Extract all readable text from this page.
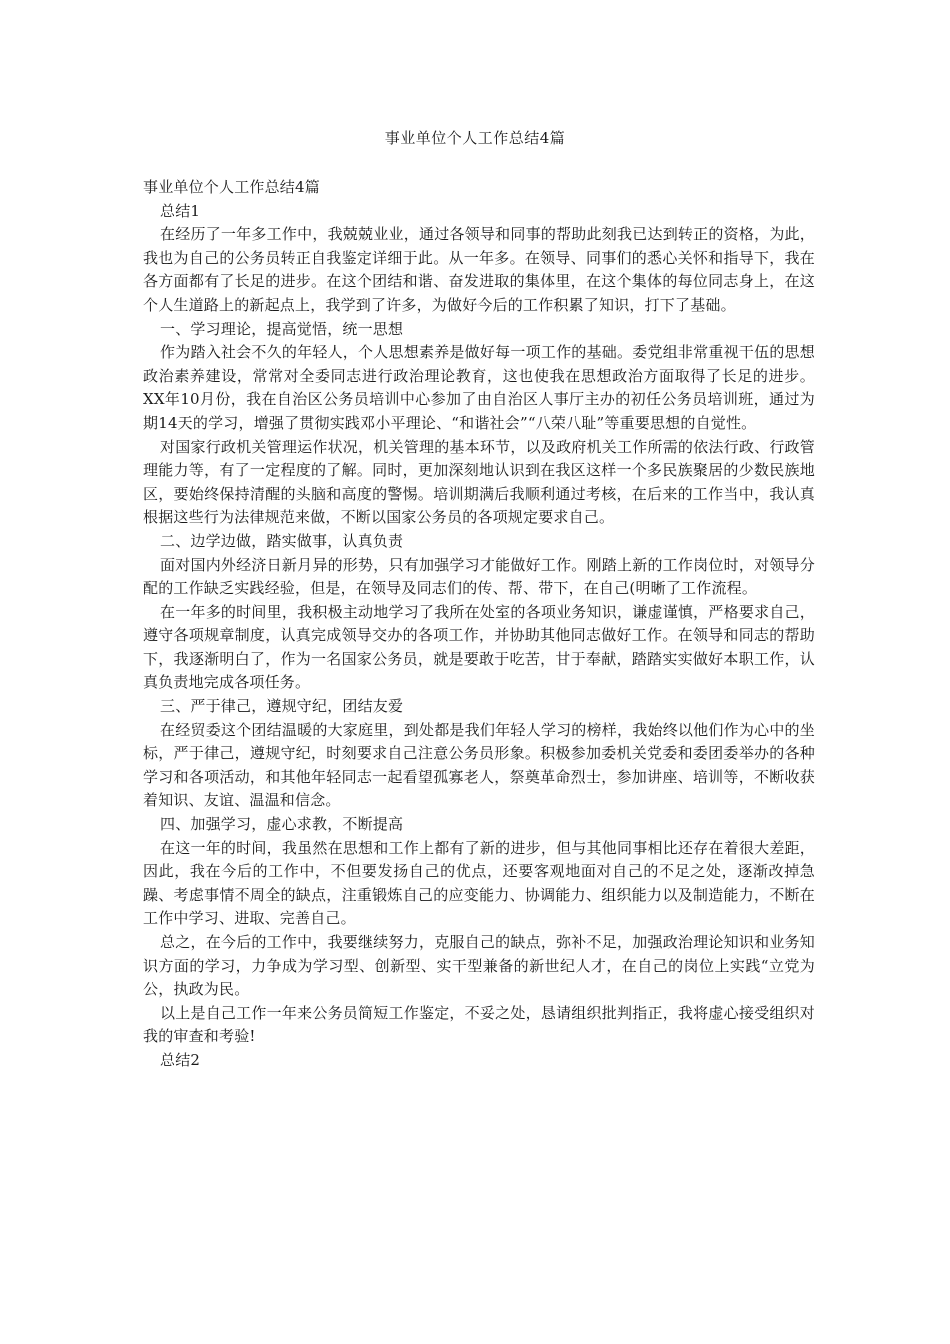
事业单位个人工作总结4篇

事业单位个人工作总结4篇

总结1

在经历了一年多工作中，我兢兢业业，通过各领导和同事的帮助此刻我已达到转正的资格，为此，我也为自己的公务员转正自我鉴定详细于此。从一年多。在领导、同事们的悉心关怀和指导下，我在各方面都有了长足的进步。在这个团结和谐、奋发进取的集体里，在这个集体的每位同志身上，在这个人生道路上的新起点上，我学到了许多，为做好今后的工作积累了知识，打下了基础。

一、学习理论，提高觉悟，统一思想

作为踏入社会不久的年轻人，个人思想素养是做好每一项工作的基础。委党组非常重视干伍的思想政治素养建设，常常对全委同志进行政治理论教育，这也使我在思想政治方面取得了长足的进步。XX年10月份，我在自治区公务员培训中心参加了由自治区人事厅主办的初任公务员培训班，通过为期14天的学习，增强了贯彻实践邓小平理论、“和谐社会”“八荣八耻”等重要思想的自觉性。

对国家行政机关管理运作状况，机关管理的基本环节，以及政府机关工作所需的依法行政、行政管理能力等，有了一定程度的了解。同时，更加深刻地认识到在我区这样一个多民族聚居的少数民族地区，要始终保持清醒的头脑和高度的警惕。培训期满后我顺利通过考核，在后来的工作当中，我认真根据这些行为法律规范来做，不断以国家公务员的各项规定要求自己。

二、边学边做，踏实做事，认真负责

面对国内外经济日新月异的形势，只有加强学习才能做好工作。刚踏上新的工作岗位时，对领导分配的工作缺乏实践经验，但是，在领导及同志们的传、帮、带下，在自己(明晰了工作流程。

在一年多的时间里，我积极主动地学习了我所在处室的各项业务知识，谦虚谨慎，严格要求自己，遵守各项规章制度，认真完成领导交办的各项工作，并协助其他同志做好工作。在领导和同志的帮助下，我逐渐明白了，作为一名国家公务员，就是要敢于吃苦，甘于奉献，踏踏实实做好本职工作，认真负责地完成各项任务。

三、严于律己，遵规守纪，团结友爱

在经贸委这个团结温暖的大家庭里，到处都是我们年轻人学习的榜样，我始终以他们作为心中的坐标，严于律己，遵规守纪，时刻要求自己注意公务员形象。积极参加委机关党委和委团委举办的各种学习和各项活动，和其他年轻同志一起看望孤寡老人，祭奠革命烈士，参加讲座、培训等，不断收获着知识、友谊、温温和信念。

四、加强学习，虚心求教，不断提高

在这一年的时间，我虽然在思想和工作上都有了新的进步，但与其他同事相比还存在着很大差距，因此，我在今后的工作中，不但要发扬自己的优点，还要客观地面对自己的不足之处，逐渐改掉急躁、考虑事情不周全的缺点，注重锻炼自己的应变能力、协调能力、组织能力以及制造能力，不断在工作中学习、进取、完善自己。

总之，在今后的工作中，我要继续努力，克服自己的缺点，弥补不足，加强政治理论知识和业务知识方面的学习，力争成为学习型、创新型、实干型兼备的新世纪人才，在自己的岗位上实践“立党为公，执政为民。

以上是自己工作一年来公务员简短工作鉴定，不妥之处，恳请组织批判指正，我将虚心接受组织对我的审查和考验!

总结2
